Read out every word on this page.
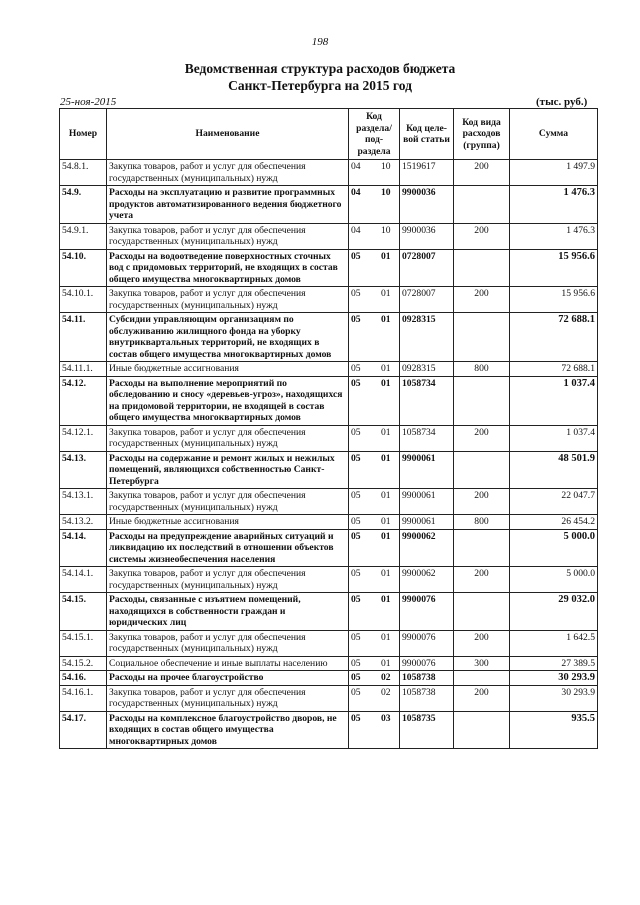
198
Ведомственная структура расходов бюджета
Санкт-Петербурга на 2015 год
25-ноя-2015	(тыс. руб.)
Номер	Наименование	Код раздела/ под-раздела		Код целе-вой статьи	Код вида расходов (группа)	Сумма
54.8.1.	Закупка товаров, работ и услуг для обеспечения государственных (муниципальных) нужд	04	10	1519617	200	1 497.9
54.9.	Расходы на эксплуатацию и развитие программных продуктов автоматизированного ведения бюджетного учета	04	10	9900036		1 476.3
54.9.1.	Закупка товаров, работ и услуг для обеспечения государственных (муниципальных) нужд	04	10	9900036	200	1 476.3
54.10.	Расходы на водоотведение поверхностных сточных вод с придомовых территорий, не входящих в состав общего имущества многоквартирных домов	05	01	0728007		15 956.6
54.10.1.	Закупка товаров, работ и услуг для обеспечения государственных (муниципальных) нужд	05	01	0728007	200	15 956.6
54.11.	Субсидии управляющим организациям по обслуживанию жилищного фонда на уборку внутриквартальных территорий, не входящих в состав общего имущества многоквартирных домов	05	01	0928315		72 688.1
54.11.1.	Иные бюджетные ассигнования	05	01	0928315	800	72 688.1
54.12.	Расходы на выполнение мероприятий по обследованию и сносу «деревьев-угроз», находящихся на придомовой территории, не входящей в состав общего имущества многоквартирных домов	05	01	1058734		1 037.4
54.12.1.	Закупка товаров, работ и услуг для обеспечения государственных (муниципальных) нужд	05	01	1058734	200	1 037.4
54.13.	Расходы на содержание и ремонт жилых и нежилых помещений, являющихся собственностью Санкт-Петербурга	05	01	9900061		48 501.9
54.13.1.	Закупка товаров, работ и услуг для обеспечения государственных (муниципальных) нужд	05	01	9900061	200	22 047.7
54.13.2.	Иные бюджетные ассигнования	05	01	9900061	800	26 454.2
54.14.	Расходы на предупреждение аварийных ситуаций и ликвидацию их последствий в отношении объектов системы жизнеобеспечения населения	05	01	9900062		5 000.0
54.14.1.	Закупка товаров, работ и услуг для обеспечения государственных (муниципальных) нужд	05	01	9900062	200	5 000.0
54.15.	Расходы, связанные с изъятием помещений, находящихся в собственности граждан и юридических лиц	05	01	9900076		29 032.0
54.15.1.	Закупка товаров, работ и услуг для обеспечения государственных (муниципальных) нужд	05	01	9900076	200	1 642.5
54.15.2.	Социальное обеспечение и иные выплаты населению	05	01	9900076	300	27 389.5
54.16.	Расходы на прочее благоустройство	05	02	1058738		30 293.9
54.16.1.	Закупка товаров, работ и услуг для обеспечения государственных (муниципальных) нужд	05	02	1058738	200	30 293.9
54.17.	Расходы на комплексное благоустройство дворов, не входящих в состав общего имущества многоквартирных домов	05	03	1058735		935.5
